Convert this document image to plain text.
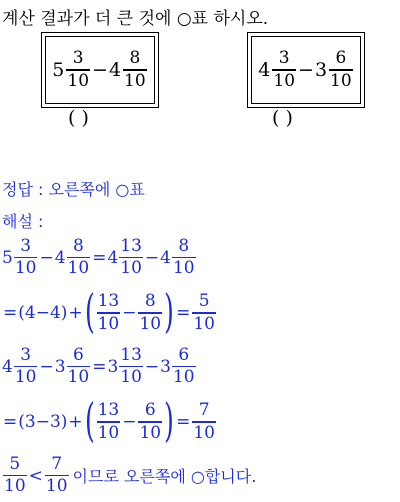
계산 결과가 더 큰 것에 ○표 하시오.
$5 \frac{3}{10} - 4 \frac{8}{10}$
( )
$4 \frac{3}{10} - 3 \frac{6}{10}$
( )
정답 : 오른쪽에 ○표
해설 :
$5 \frac{3}{10} - 4 \frac{8}{10} = 4 \frac{13}{10} - 4 \frac{8}{10}$
= (4−4) + ( $\frac{13}{10} - \frac{8}{10}$ ) = $\frac{5}{10}$
$4 \frac{3}{10} - 3 \frac{6}{10} = 3 \frac{13}{10} - 3 \frac{6}{10}$
= (3−3) + ( $\frac{13}{10} - \frac{6}{10}$ ) = $\frac{7}{10}$
$\frac{5}{10} < \frac{7}{10}$ 이므로 오른쪽에 ○합니다.
